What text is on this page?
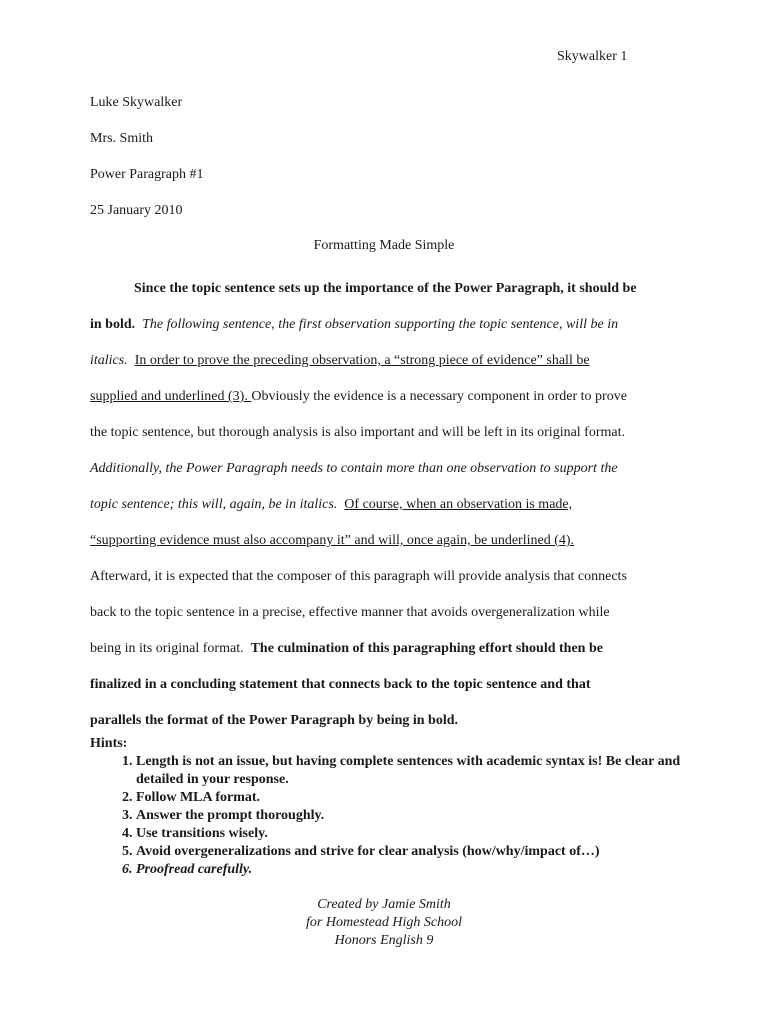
Skywalker 1
Luke Skywalker
Mrs. Smith
Power Paragraph #1
25 January 2010
Formatting Made Simple
Since the topic sentence sets up the importance of the Power Paragraph, it should be
in bold. The following sentence, the first observation supporting the topic sentence, will be in
italics. In order to prove the preceding observation, a “strong piece of evidence” shall be
supplied and underlined (3). Obviously the evidence is a necessary component in order to prove
the topic sentence, but thorough analysis is also important and will be left in its original format.
Additionally, the Power Paragraph needs to contain more than one observation to support the
topic sentence; this will, again, be in italics. Of course, when an observation is made,
“supporting evidence must also accompany it” and will, once again, be underlined (4).
Afterward, it is expected that the composer of this paragraph will provide analysis that connects
back to the topic sentence in a precise, effective manner that avoids overgeneralization while
being in its original format. The culmination of this paragraphing effort should then be
finalized in a concluding statement that connects back to the topic sentence and that
parallels the format of the Power Paragraph by being in bold.
Hints:
1. Length is not an issue, but having complete sentences with academic syntax is! Be clear and detailed in your response.
2. Follow MLA format.
3. Answer the prompt thoroughly.
4. Use transitions wisely.
5. Avoid overgeneralizations and strive for clear analysis (how/why/impact of…)
6. Proofread carefully.
Created by Jamie Smith
for Homestead High School
Honors English 9
